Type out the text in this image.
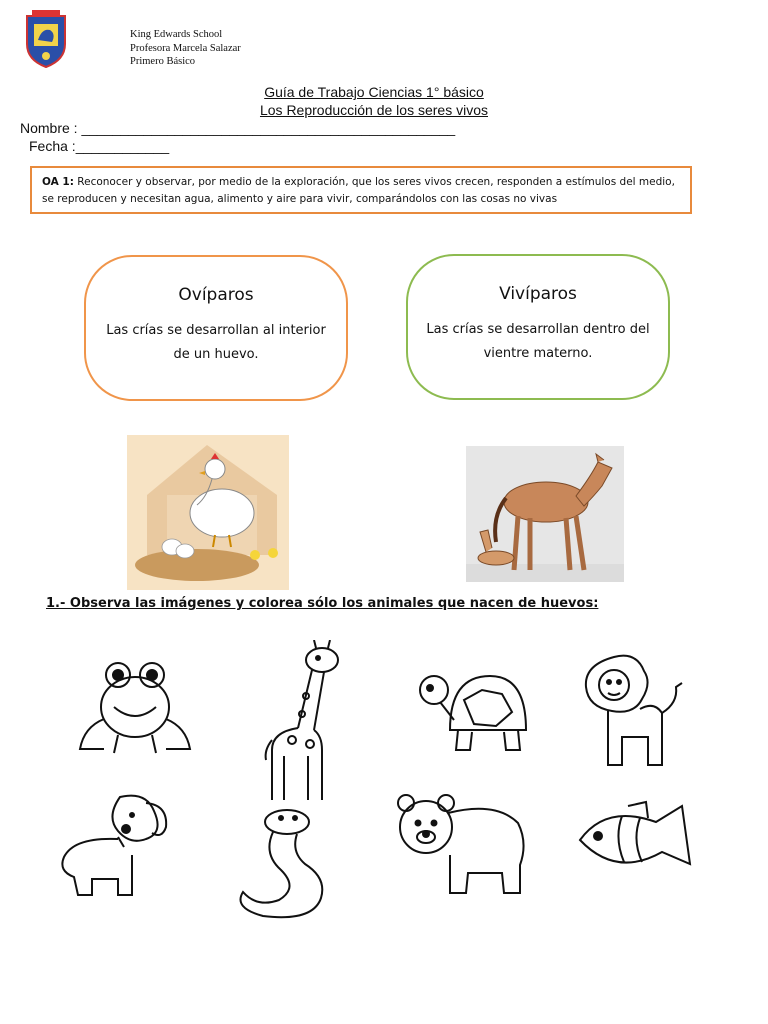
King Edwards School
Profesora Marcela Salazar
Primero Básico
Guía de Trabajo Ciencias 1° básico
Los Reproducción de los seres vivos
Nombre : ________________________________________________
Fecha :____________
OA 1: Reconocer y observar, por medio de la exploración, que los seres vivos crecen, responden a estímulos del medio, se reproducen y necesitan agua, alimento y aire para vivir, comparándolos con las cosas no vivas
Ovíparos
Las crías se desarrollan al interior de un huevo.
Vivíparos
Las crías se desarrollan dentro del vientre materno.
1.- Observa las imágenes y colorea sólo los animales que nacen de huevos:
